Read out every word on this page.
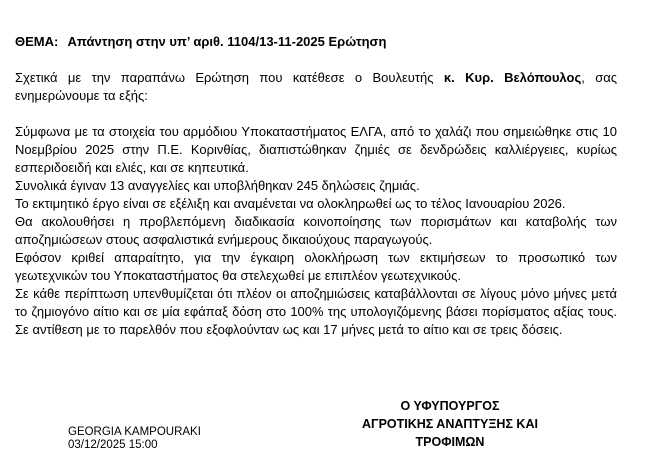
ΘΕΜΑ: Απάντηση στην υπ’ αριθ. 1104/13-11-2025 Ερώτηση

Σχετικά με την παραπάνω Ερώτηση που κατέθεσε ο Βουλευτής κ. Κυρ. Βελόπουλος, σας ενημερώνουμε τα εξής:

Σύμφωνα με τα στοιχεία του αρμόδιου Υποκαταστήματος ΕΛΓΑ, από το χαλάζι που σημειώθηκε στις 10 Νοεμβρίου 2025 στην Π.Ε. Κορινθίας, διαπιστώθηκαν ζημιές σε δενδρώδεις καλλιέργειες, κυρίως εσπεριδοειδή και ελιές, και σε κηπευτικά.

Συνολικά έγιναν 13 αναγγελίες και υποβλήθηκαν 245 δηλώσεις ζημιάς.

Το εκτιμητικό έργο είναι σε εξέλιξη και αναμένεται να ολοκληρωθεί ως το τέλος Ιανουαρίου 2026.

Θα ακολουθήσει η προβλεπόμενη διαδικασία κοινοποίησης των πορισμάτων και καταβολής των αποζημιώσεων στους ασφαλιστικά ενήμερους δικαιούχους παραγωγούς.

Εφόσον κριθεί απαραίτητο, για την έγκαιρη ολοκλήρωση των εκτιμήσεων το προσωπικό των γεωτεχνικών του Υποκαταστήματος θα στελεχωθεί με επιπλέον γεωτεχνικούς.

Σε κάθε περίπτωση υπενθυμίζεται ότι πλέον οι αποζημιώσεις καταβάλλονται σε λίγους μόνο μήνες μετά το ζημιογόνο αίτιο και σε μία εφάπαξ δόση στο 100% της υπολογιζόμενης βάσει πορίσματος αξίας τους. Σε αντίθεση με το παρελθόν που εξοφλούνταν ως και 17 μήνες μετά το αίτιο και σε τρεις δόσεις.

Ο ΥΦΥΠΟΥΡΓΟΣ
ΑΓΡΟΤΙΚΗΣ ΑΝΑΠΤΥΞΗΣ ΚΑΙ ΤΡΟΦΙΜΩΝ
GEORGIA KAMPOURAKI
03/12/2025 15:00
